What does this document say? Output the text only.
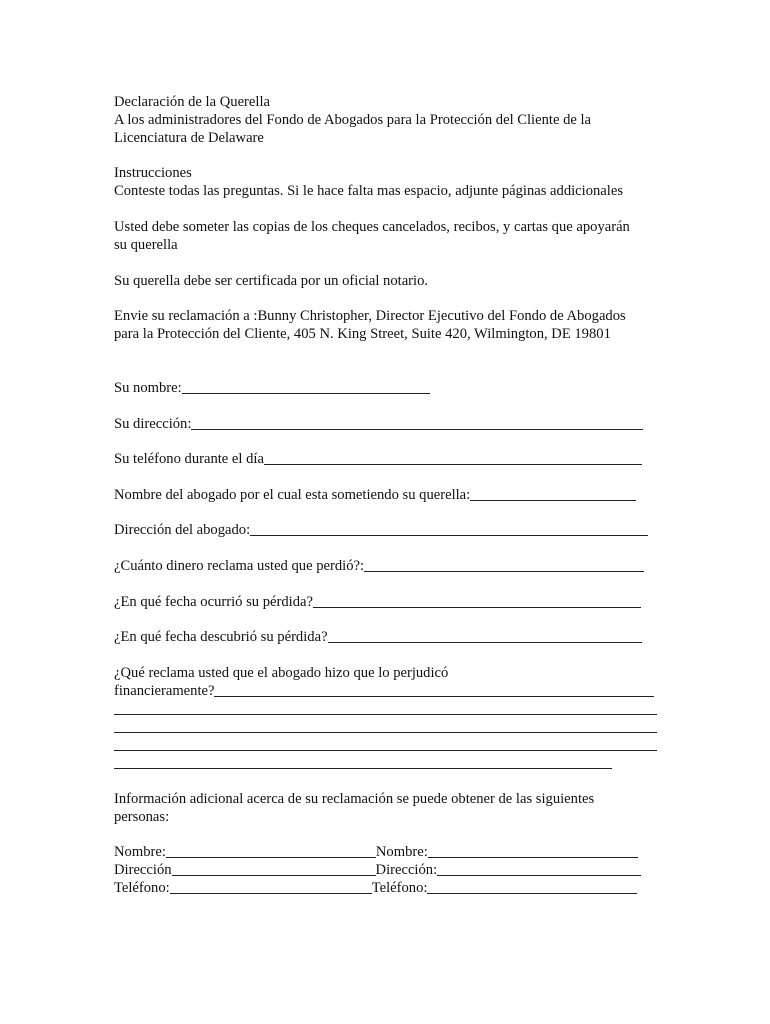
Declaración de la Querella
A los administradores del Fondo de Abogados para la Protección del Cliente de la
Licenciatura de Delaware
Instrucciones
Conteste todas las preguntas. Si le hace falta mas espacio, adjunte páginas addicionales
Usted debe someter las copias de los cheques cancelados, recibos, y cartas que apoyarán
su querella
Su querella debe ser certificada por un oficial notario.
Envie su reclamación a :Bunny Christopher, Director Ejecutivo del Fondo de Abogados
para la Protección del Cliente, 405 N. King Street, Suite 420, Wilmington, DE 19801
Su nombre:
Su dirección:
Su teléfono durante el día
Nombre del abogado por el cual esta sometiendo su querella:
Dirección del abogado:
¿Cuánto dinero reclama usted que perdió?:
¿En qué fecha ocurrió su pérdida?
¿En qué fecha descubrió su pérdida?
¿Qué reclama usted que el abogado hizo que lo perjudicó
financieramente?
Información adicional acerca de su reclamación se puede obtener de las siguientes
personas:
Nombre:	Nombre:
Dirección	Dirección:
Teléfono:	Teléfono:
